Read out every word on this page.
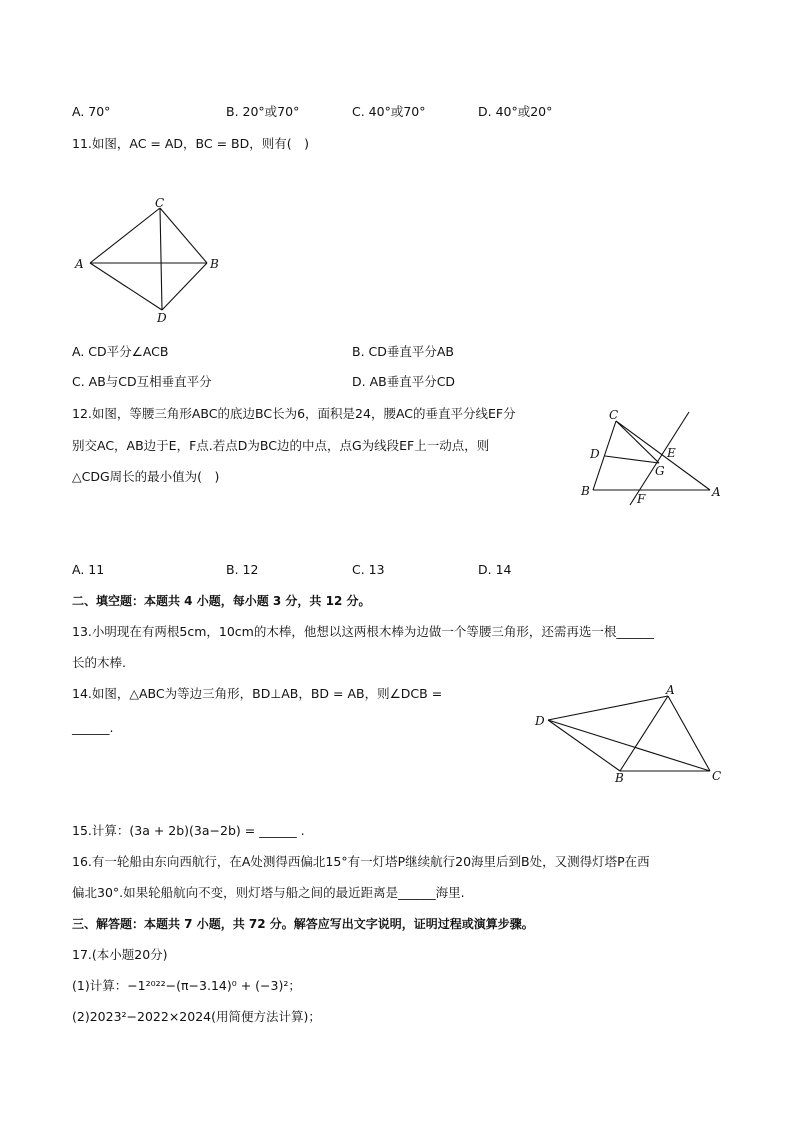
A. 70°	B. 20°或70°	C. 40°或70°	D. 40°或20°
11.如图，AC = AD，BC = BD，则有(　)
A	B
C
D
A. CD平分∠ACB	B. CD垂直平分AB
C. AB与CD互相垂直平分	D. AB垂直平分CD
12.如图，等腰三角形ABC的底边BC长为6，面积是24，腰AC的垂直平分线EF分
别交AC，AB边于E，F点.若点D为BC边的中点，点G为线段EF上一动点，则
△CDG周长的最小值为(　)
C
D
B	A
E
G
F
A. 11	B. 12	C. 13	D. 14
二、填空题：本题共 4 小题，每小题 3 分，共 12 分。
13.小明现在有两根5cm，10cm的木棒，他想以这两根木棒为边做一个等腰三角形，还需再选一根______
长的木棒.
14.如图，△ABC为等边三角形，BD⊥AB，BD = AB，则∠DCB =
______.	D
A
B	C
15.计算：(3a + 2b)(3a−2b) = ______ .
16.有一轮船由东向西航行，在A处测得西偏北15°有一灯塔P继续航行20海里后到B处，又测得灯塔P在西
偏北30°.如果轮船航向不变，则灯塔与船之间的最近距离是______海里.
三、解答题：本题共 7 小题，共 72 分。解答应写出文字说明，证明过程或演算步骤。
17.(本小题20分)
(1)计算：−1²⁰²²−(π−3.14)⁰ + (−3)²；
(2)2023²−2022×2024(用简便方法计算)；
